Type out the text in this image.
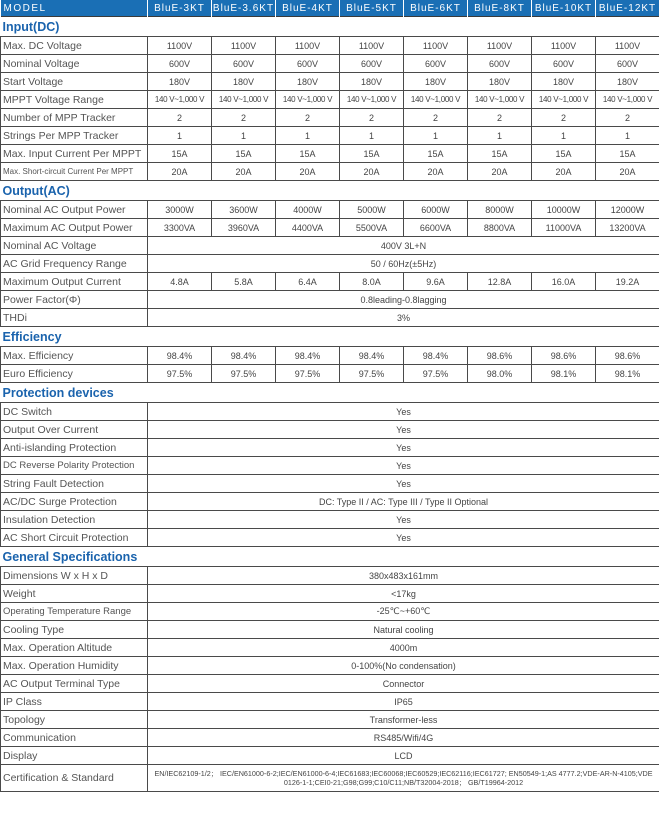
MODEL	BluE-3KT	BluE-3.6KT	BluE-4KT	BluE-5KT	BluE-6KT	BluE-8KT	BluE-10KT	BluE-12KT
Input(DC)								
Max. DC Voltage	1100V	1100V	1100V	1100V	1100V	1100V	1100V	1100V
Nominal Voltage	600V	600V	600V	600V	600V	600V	600V	600V
Start Voltage	180V	180V	180V	180V	180V	180V	180V	180V
MPPT Voltage Range	140 V~1,000 V	140 V~1,000 V	140 V~1,000 V	140 V~1,000 V	140 V~1,000 V	140 V~1,000 V	140 V~1,000 V	140 V~1,000 V
Number of MPP Tracker	2	2	2	2	2	2	2	2
Strings Per MPP Tracker	1	1	1	1	1	1	1	1
Max. Input Current Per MPPT	15A	15A	15A	15A	15A	15A	15A	15A
Max. Short-circuit Current Per MPPT	20A	20A	20A	20A	20A	20A	20A	20A
Output(AC)								
Nominal AC Output Power	3000W	3600W	4000W	5000W	6000W	8000W	10000W	12000W
Maximum AC Output Power	3300VA	3960VA	4400VA	5500VA	6600VA	8800VA	11000VA	13200VA
Nominal AC Voltage	400V 3L+N							
AC Grid Frequency Range	50 / 60Hz(±5Hz)							
Maximum Output Current	4.8A	5.8A	6.4A	8.0A	9.6A	12.8A	16.0A	19.2A
Power Factor(Φ)	0.8leading-0.8lagging							
THDi	3%							
Efficiency								
Max. Efficiency	98.4%	98.4%	98.4%	98.4%	98.4%	98.6%	98.6%	98.6%
Euro Efficiency	97.5%	97.5%	97.5%	97.5%	97.5%	98.0%	98.1%	98.1%
Protection devices								
DC Switch	Yes							
Output Over Current	Yes							
Anti-islanding Protection	Yes							
DC Reverse Polarity Protection	Yes							
String Fault Detection	Yes							
AC/DC Surge Protection	DC: Type II / AC: Type III / Type II Optional							
Insulation Detection	Yes							
AC Short Circuit Protection	Yes							
General Specifications								
Dimensions W x H x D	380x483x161mm							
Weight	<17kg							
Operating Temperature Range	-25℃~+60℃							
Cooling Type	Natural cooling							
Max. Operation Altitude	4000m							
Max. Operation Humidity	0-100%(No condensation)							
AC Output Terminal Type	Connector							
IP Class	IP65							
Topology	Transformer-less							
Communication	RS485/Wifi/4G							
Display	LCD							
Certification & Standard	EN/IEC62109-1/2； IEC/EN61000-6-2;IEC/EN61000-6-4;IEC61683;IEC60068;IEC60529;IEC62116;IEC61727; EN50549-1;AS 4777.2;VDE-AR-N-4105;VDE 0126-1-1;CEI0-21;G98;G99;C10/C11;NB/T32004-2018； GB/T19964-2012							
